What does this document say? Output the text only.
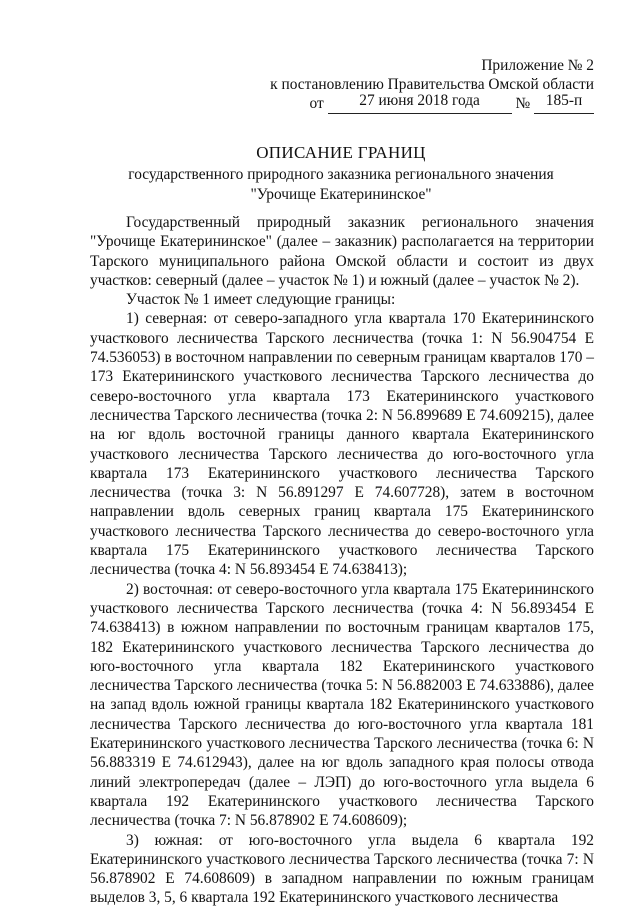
Приложение № 2
к постановлению Правительства Омской области
от 27 июня 2018 года № 185-п
ОПИСАНИЕ ГРАНИЦ
государственного природного заказника регионального значения
"Урочище Екатерининское"

Государственный природный заказник регионального значения "Урочище Екатерининское" (далее – заказник) располагается на территории Тарского муниципального района Омской области и состоит из двух участков: северный (далее – участок № 1) и южный (далее – участок № 2).

Участок № 1 имеет следующие границы:

1) северная: от северо-западного угла квартала 170 Екатерининского участкового лесничества Тарского лесничества (точка 1: N 56.904754 E 74.536053) в восточном направлении по северным границам кварталов 170 – 173 Екатерининского участкового лесничества Тарского лесничества до северо-восточного угла квартала 173 Екатерининского участкового лесничества Тарского лесничества (точка 2: N 56.899689 E 74.609215), далее на юг вдоль восточной границы данного квартала Екатерининского участкового лесничества Тарского лесничества до юго-восточного угла квартала 173 Екатерининского участкового лесничества Тарского лесничества (точка 3: N 56.891297 E 74.607728), затем в восточном направлении вдоль северных границ квартала 175 Екатерининского участкового лесничества Тарского лесничества до северо-восточного угла квартала 175 Екатерининского участкового лесничества Тарского лесничества (точка 4: N 56.893454 E 74.638413);

2) восточная: от северо-восточного угла квартала 175 Екатерининского участкового лесничества Тарского лесничества (точка 4: N 56.893454 E 74.638413) в южном направлении по восточным границам кварталов 175, 182 Екатерининского участкового лесничества Тарского лесничества до юго-восточного угла квартала 182 Екатерининского участкового лесничества Тарского лесничества (точка 5: N 56.882003 E 74.633886), далее на запад вдоль южной границы квартала 182 Екатерининского участкового лесничества Тарского лесничества до юго-восточного угла квартала 181 Екатерининского участкового лесничества Тарского лесничества (точка 6: N 56.883319 E 74.612943), далее на юг вдоль западного края полосы отвода линий электропередач (далее – ЛЭП) до юго-восточного угла выдела 6 квартала 192 Екатерининского участкового лесничества Тарского лесничества (точка 7: N 56.878902 E 74.608609);

3) южная: от юго-восточного угла выдела 6 квартала 192 Екатерининского участкового лесничества Тарского лесничества (точка 7: N 56.878902 E 74.608609) в западном направлении по южным границам выделов 3, 5, 6 квартала 192 Екатерининского участкового лесничества
